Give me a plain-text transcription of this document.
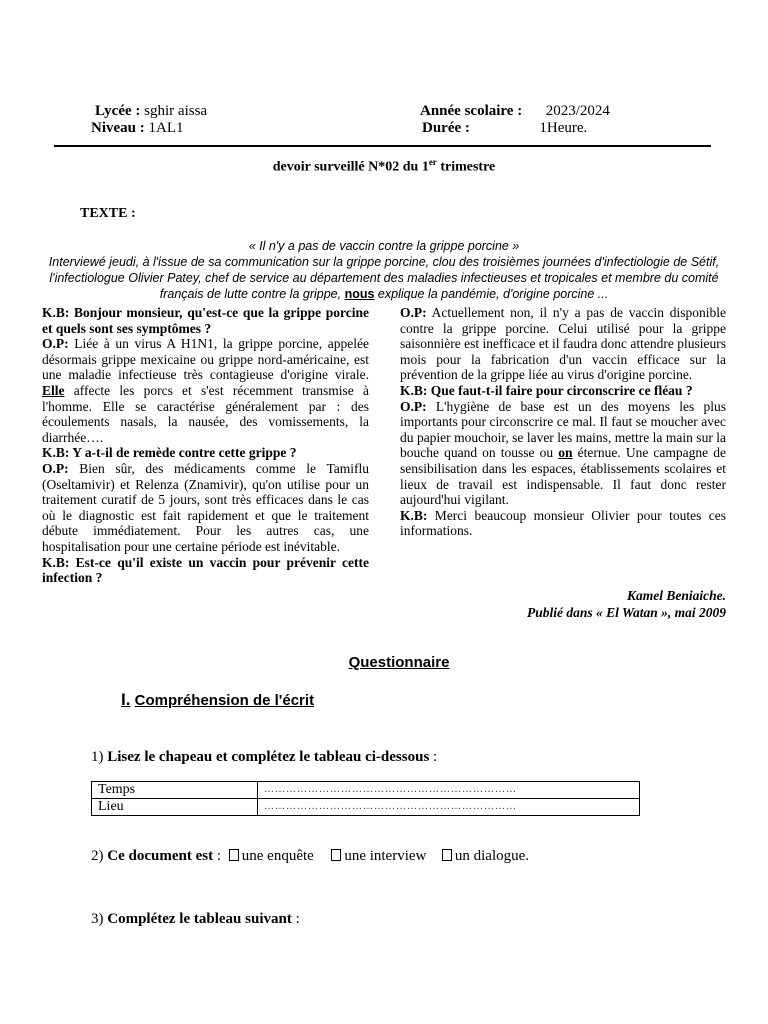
Lycée : sghir aissa
Niveau : 1AL1
Année scolaire : 2023/2024
Durée :	1Heure.
devoir surveillé N*02 du 1er trimestre
TEXTE :
« Il n'y a pas de vaccin contre la grippe porcine »
Interviewé jeudi, à l'issue de sa communication sur la grippe porcine, clou des troisièmes journées d'infectiologie de Sétif, l'infectiologue Olivier Patey, chef de service au département des maladies infectieuses et tropicales et membre du comité français de lutte contre la grippe, nous explique la pandémie, d'origine porcine ...

K.B: Bonjour monsieur, qu'est-ce que la grippe porcine et quels sont ses symptômes ?

O.P: Liée à un virus A H1N1, la grippe porcine, appelée désormais grippe mexicaine ou grippe nord-américaine, est une maladie infectieuse très contagieuse d'origine virale. Elle affecte les porcs et s'est récemment transmise à l'homme. Elle se caractérise généralement par : des écoulements nasals, la nausée, des vomissements, la diarrhée….

K.B: Y a-t-il de remède contre cette grippe ?

O.P: Bien sûr, des médicaments comme le Tamiflu (Oseltamivir) et Relenza (Znamivir), qu'on utilise pour un traitement curatif de 5 jours, sont très efficaces dans le cas où le diagnostic est fait rapidement et que le traitement débute immédiatement. Pour les autres cas, une hospitalisation pour une certaine période est inévitable.

K.B: Est-ce qu'il existe un vaccin pour prévenir cette infection ?

O.P: Actuellement non, il n'y a pas de vaccin disponible contre la grippe porcine. Celui utilisé pour la grippe saisonnière est inefficace et il faudra donc attendre plusieurs mois pour la fabrication d'un vaccin efficace sur la prévention de la grippe liée au virus d'origine porcine.

K.B: Que faut-t-il faire pour circonscrire ce fléau ?

O.P: L'hygiène de base est un des moyens les plus importants pour circonscrire ce mal. Il faut se moucher avec du papier mouchoir, se laver les mains, mettre la main sur la bouche quand on tousse ou on éternue. Une campagne de sensibilisation dans les espaces, établissements scolaires et lieux de travail est indispensable. Il faut donc rester aujourd'hui vigilant.

K.B: Merci beaucoup monsieur Olivier pour toutes ces informations.

Kamel Beniaiche.
Publié dans « El Watan », mai 2009
Questionnaire
I. Compréhension de l'écrit
1) Lisez le chapeau et complétez le tableau ci-dessous :
Temps	……………………………………………………………
Lieu	……………………………………………………………
2) Ce document est : une enquête une interview un dialogue.
3) Complétez le tableau suivant :
